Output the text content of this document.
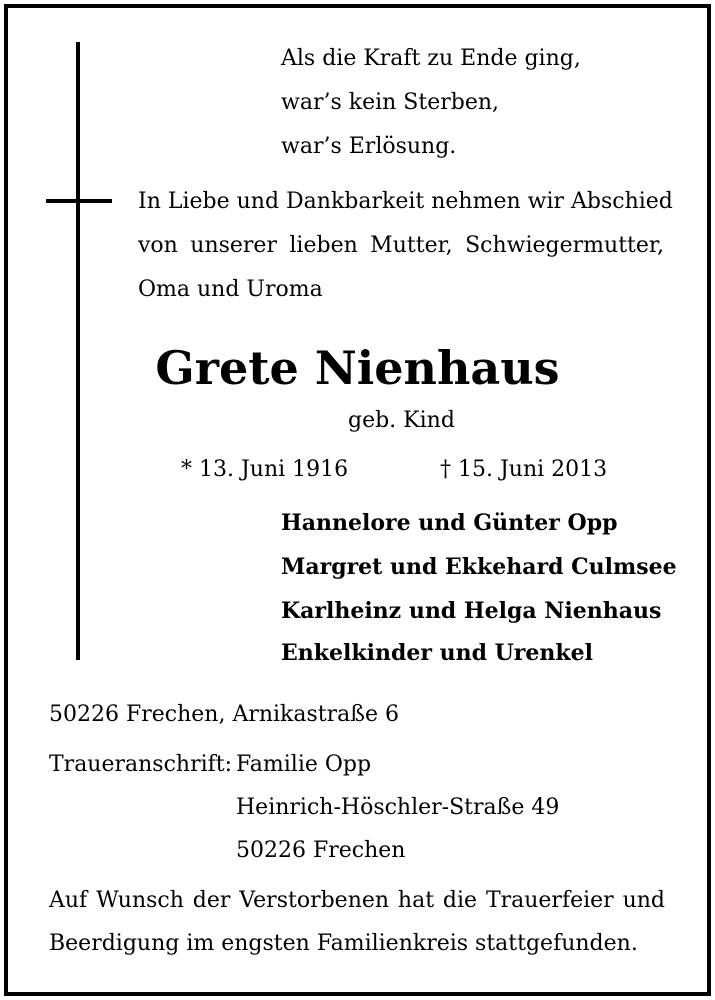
Als die Kraft zu Ende ging,
war’s kein Sterben,
war’s Erlösung.
In Liebe und Dankbarkeit nehmen wir Abschied
von unserer lieben Mutter, Schwiegermutter,
Oma und Uroma
Grete Nienhaus
geb. Kind
* 13. Juni 1916	† 15. Juni 2013
Hannelore und Günter Opp
Margret und Ekkehard Culmsee
Karlheinz und Helga Nienhaus
Enkelkinder und Urenkel
50226 Frechen, Arnikastraße 6
Traueranschrift: Familie Opp
Heinrich-Höschler-Straße 49
50226 Frechen
Auf Wunsch der Verstorbenen hat die Trauerfeier und
Beerdigung im engsten Familienkreis stattgefunden.
